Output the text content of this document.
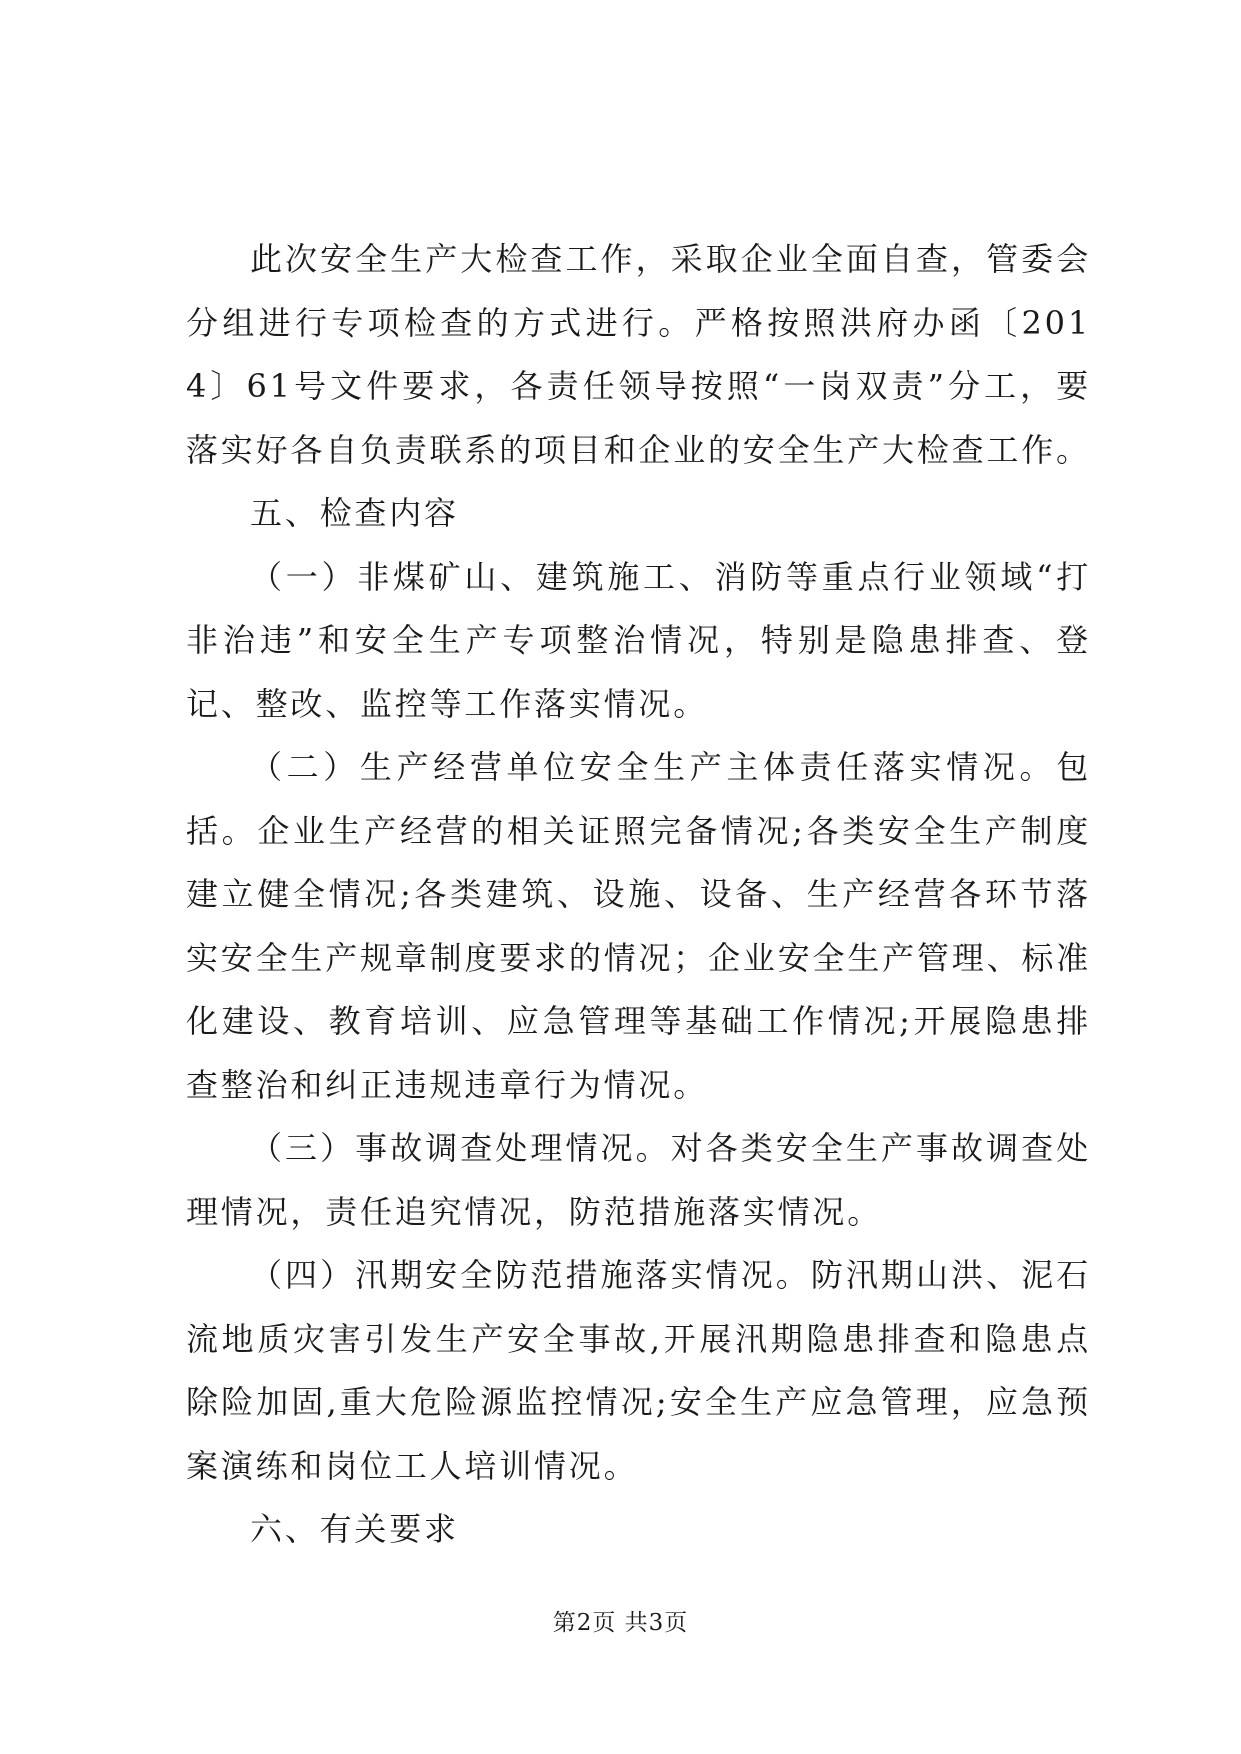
此次安全生产大检查工作，采取企业全面自查，管委会分组进行专项检查的方式进行。严格按照洪府办函〔2014〕61号文件要求，各责任领导按照“一岗双责”分工，要落实好各自负责联系的项目和企业的安全生产大检查工作。

五、检查内容

（一）非煤矿山、建筑施工、消防等重点行业领域“打非治违”和安全生产专项整治情况，特别是隐患排查、登记、整改、监控等工作落实情况。

（二）生产经营单位安全生产主体责任落实情况。包括。企业生产经营的相关证照完备情况;各类安全生产制度建立健全情况;各类建筑、设施、设备、生产经营各环节落实安全生产规章制度要求的情况；企业安全生产管理、标准化建设、教育培训、应急管理等基础工作情况;开展隐患排查整治和纠正违规违章行为情况。

（三）事故调查处理情况。对各类安全生产事故调查处理情况，责任追究情况，防范措施落实情况。

（四）汛期安全防范措施落实情况。防汛期山洪、泥石流地质灾害引发生产安全事故,开展汛期隐患排查和隐患点除险加固,重大危险源监控情况;安全生产应急管理，应急预案演练和岗位工人培训情况。

六、有关要求

第2页 共3页
